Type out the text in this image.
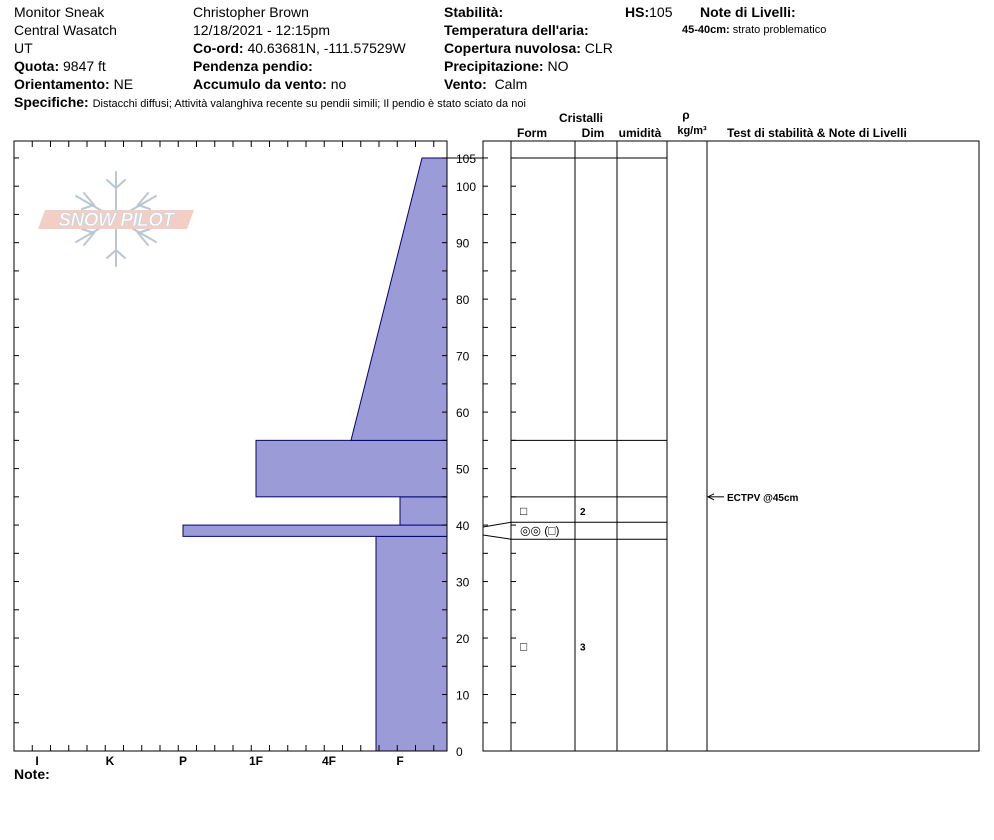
Monitor Sneak
Central Wasatch
UT
Quota: 9847 ft
Orientamento: NE
Christopher Brown
12/18/2021 - 12:15pm
Co-ord: 40.63681N, -111.57529W
Pendenza pendio:
Accumulo da vento: no
Stabilità:
Temperatura dell'aria:
Copertura nuvolosa: CLR
Precipitazione: NO
Vento: Calm
HS:105 Note di Livelli:
45-40cm: strato problematico
Specifiche: Distacchi diffusi; Attività valanghiva recente su pendii simili; Il pendio è stato sciato da noi
SNOW PILOT
0
10
20
30
40
50
60
70
80
90
100
105
I	K	P	1F	4F	F
□	2
◎◎ (□)
□	3
ECTPV @45cm
Cristalli
Form	Dim umidità
ρ
kg/m³ Test di stabilità & Note di Livelli
Note:
